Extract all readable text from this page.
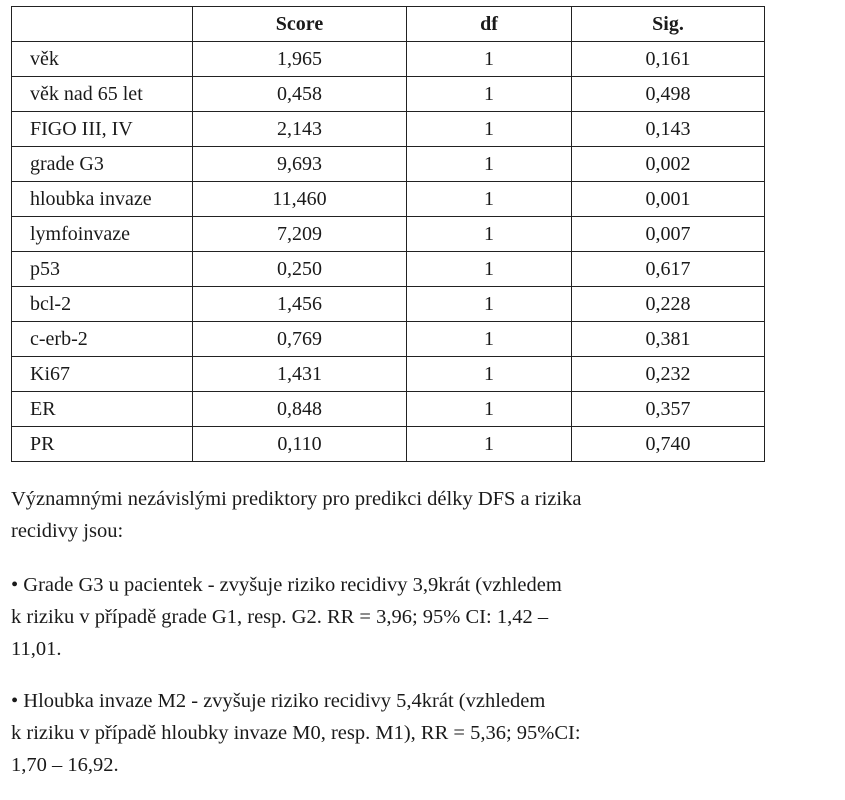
	Score	df	Sig.
věk	1,965	1	0,161
věk nad 65 let	0,458	1	0,498
FIGO III, IV	2,143	1	0,143
grade G3	9,693	1	0,002
hloubka invaze	11,460	1	0,001
lymfoinvaze	7,209	1	0,007
p53	0,250	1	0,617
bcl-2	1,456	1	0,228
c-erb-2	0,769	1	0,381
Ki67	1,431	1	0,232
ER	0,848	1	0,357
PR	0,110	1	0,740

Významnými nezávislými prediktory pro predikci délky DFS a rizika

recidivy jsou:

• Grade G3 u pacientek - zvyšuje riziko recidivy 3,9krát (vzhledem

k riziku v případě grade G1, resp. G2. RR = 3,96; 95% CI: 1,42 –

11,01.

• Hloubka invaze M2 - zvyšuje riziko recidivy 5,4krát (vzhledem

k riziku v případě hloubky invaze M0, resp. M1), RR = 5,36; 95%CI:

1,70 – 16,92.
